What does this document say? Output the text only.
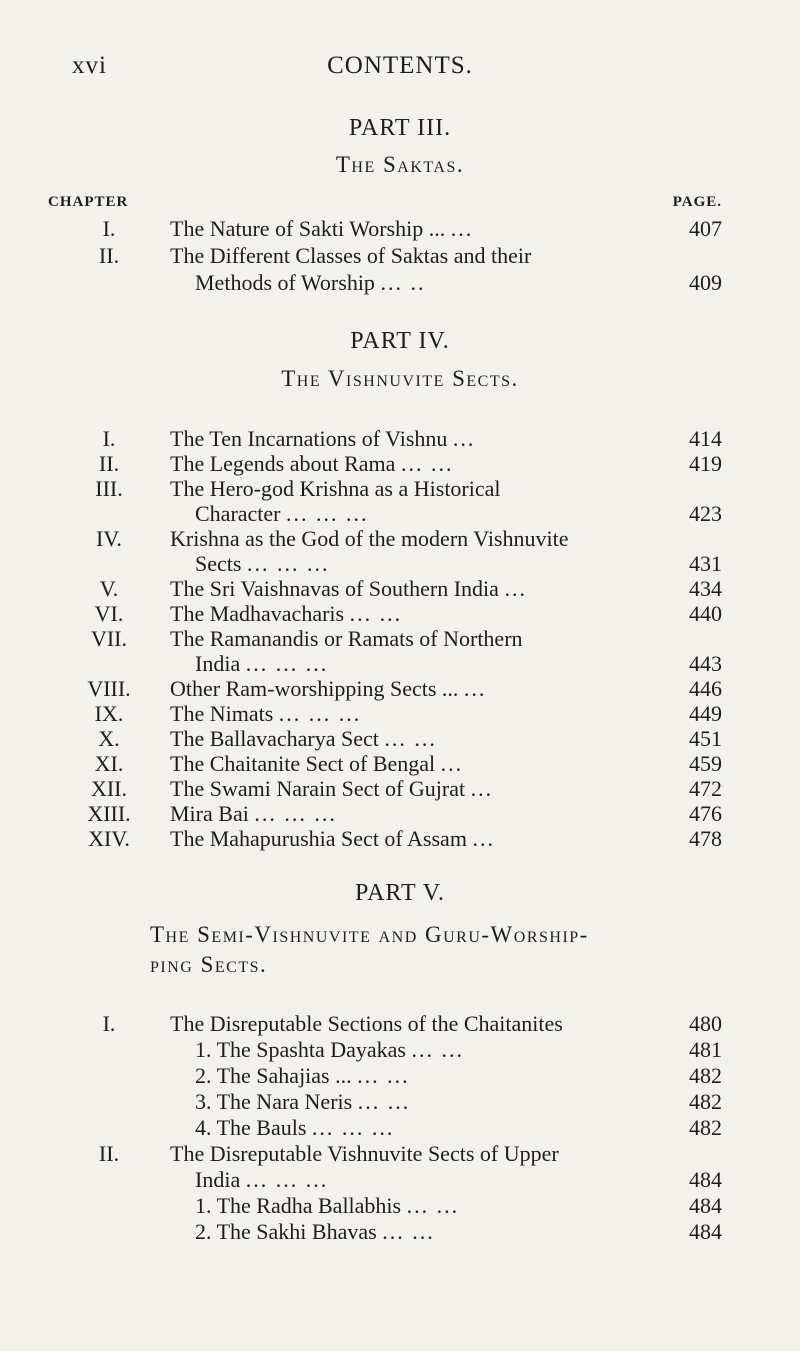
xvi	CONTENTS.
PART III.
The Saktas.
CHAPTER	PAGE.
I.	The Nature of Sakti Worship ... ...	407
II.	The Different Classes of Saktas and their
Methods of Worship ... ..	409
PART IV.
The Vishnuvite Sects.
I.	The Ten Incarnations of Vishnu ...	414
II.	The Legends about Rama ... ...	419
III.	The Hero-god Krishna as a Historical
Character ... ... ...	423
IV.	Krishna as the God of the modern Vishnuvite
Sects ... ... ...	431
V.	The Sri Vaishnavas of Southern India ...	434
VI.	The Madhavacharis ... ...	440
VII.	The Ramanandis or Ramats of Northern
India ... ... ...	443
VIII.	Other Ram-worshipping Sects ... ...	446
IX.	The Nimats ... ... ...	449
X.	The Ballavacharya Sect ... ...	451
XI.	The Chaitanite Sect of Bengal ...	459
XII.	The Swami Narain Sect of Gujrat ...	472
XIII.	Mira Bai ... ... ...	476
XIV.	The Mahapurushia Sect of Assam ...	478
PART V.
The Semi-Vishnuvite and Guru-Worship-
ping Sects.
I.	The Disreputable Sections of the Chaitanites	480
1. The Spashta Dayakas ... ...	481
2. The Sahajias ... ... ...	482
3. The Nara Neris ... ...	482
4. The Bauls ... ... ...	482
II.	The Disreputable Vishnuvite Sects of Upper
India ... ... ...	484
1. The Radha Ballabhis ... ...	484
2. The Sakhi Bhavas ... ...	484
